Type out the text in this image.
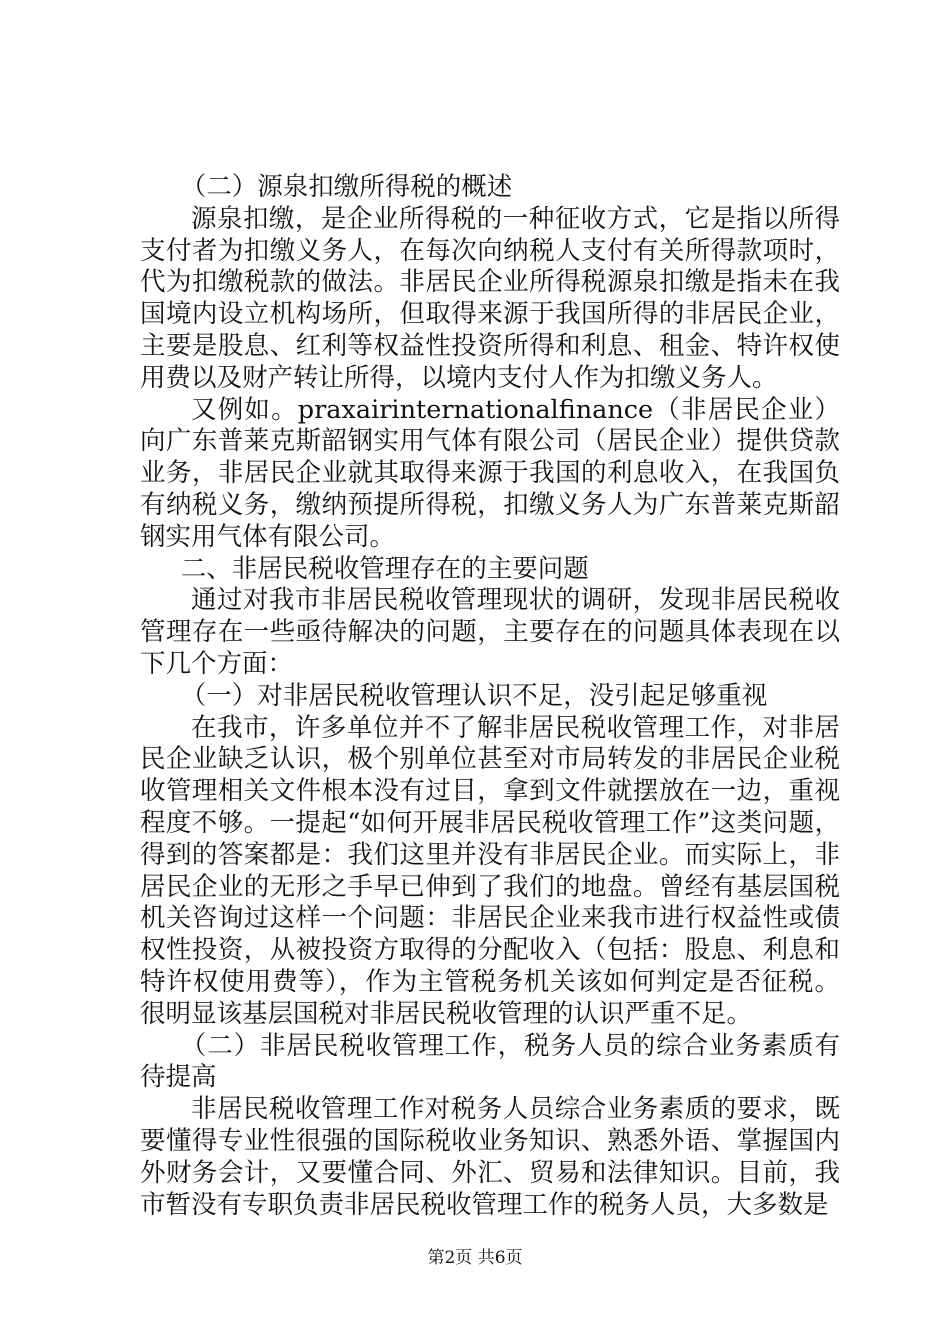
（二）源泉扣缴所得税的概述

源泉扣缴，是企业所得税的一种征收方式，它是指以所得支付者为扣缴义务人，在每次向纳税人支付有关所得款项时，代为扣缴税款的做法。非居民企业所得税源泉扣缴是指未在我国境内设立机构场所，但取得来源于我国所得的非居民企业，主要是股息、红利等权益性投资所得和利息、租金、特许权使用费以及财产转让所得，以境内支付人作为扣缴义务人。

又例如。praxairinternationalfinance（非居民企业）向广东普莱克斯韶钢实用气体有限公司（居民企业）提供贷款业务，非居民企业就其取得来源于我国的利息收入，在我国负有纳税义务，缴纳预提所得税，扣缴义务人为广东普莱克斯韶钢实用气体有限公司。

二、非居民税收管理存在的主要问题

通过对我市非居民税收管理现状的调研，发现非居民税收管理存在一些亟待解决的问题，主要存在的问题具体表现在以下几个方面：

（一）对非居民税收管理认识不足，没引起足够重视

在我市，许多单位并不了解非居民税收管理工作，对非居民企业缺乏认识，极个别单位甚至对市局转发的非居民企业税收管理相关文件根本没有过目，拿到文件就摆放在一边，重视程度不够。一提起“如何开展非居民税收管理工作”这类问题，得到的答案都是：我们这里并没有非居民企业。而实际上，非居民企业的无形之手早已伸到了我们的地盘。曾经有基层国税机关咨询过这样一个问题：非居民企业来我市进行权益性或债权性投资，从被投资方取得的分配收入（包括：股息、利息和特许权使用费等），作为主管税务机关该如何判定是否征税。很明显该基层国税对非居民税收管理的认识严重不足。

（二）非居民税收管理工作，税务人员的综合业务素质有待提高

非居民税收管理工作对税务人员综合业务素质的要求，既要懂得专业性很强的国际税收业务知识、熟悉外语、掌握国内外财务会计，又要懂合同、外汇、贸易和法律知识。目前，我市暂没有专职负责非居民税收管理工作的税务人员，大多数是

第2页 共6页
